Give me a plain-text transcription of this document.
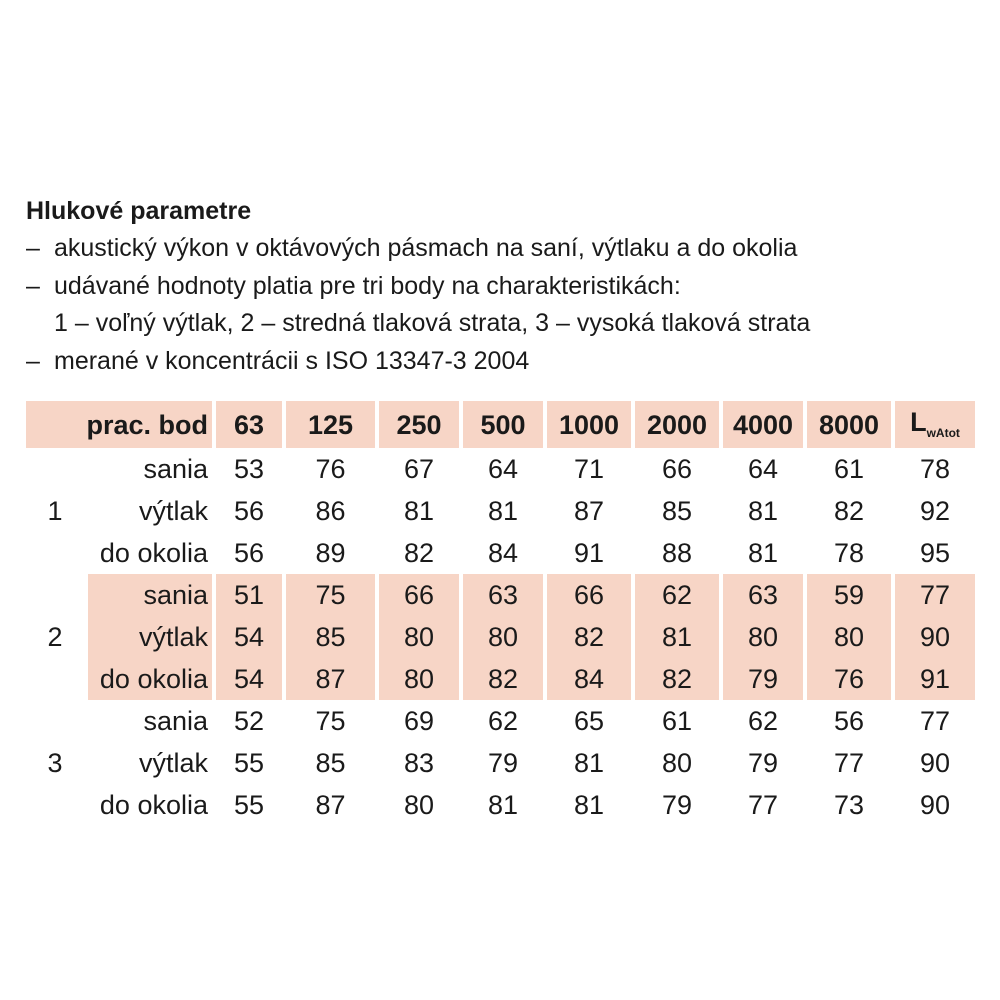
Hlukové parametre
– akustický výkon v oktávových pásmach na saní, výtlaku a do okolia
– udávané hodnoty platia pre tri body na charakteristikách:
1 – voľný výtlak, 2 – stredná tlaková strata, 3 – vysoká tlaková strata
– merané v koncentrácii s ISO 13347-3 2004
prac. bod		63	125	250	500	1000	2000	4000	8000	$L_{wAtot}$
	sania	53	76	67	64	71	66	64	61	78
1	výtlak	56	86	81	81	87	85	81	82	92
	do okolia	56	89	82	84	91	88	81	78	95
	sania	51	75	66	63	66	62	63	59	77
2	výtlak	54	85	80	80	82	81	80	80	90
	do okolia	54	87	80	82	84	82	79	76	91
	sania	52	75	69	62	65	61	62	56	77
3	výtlak	55	85	83	79	81	80	79	77	90
	do okolia	55	87	80	81	81	79	77	73	90
